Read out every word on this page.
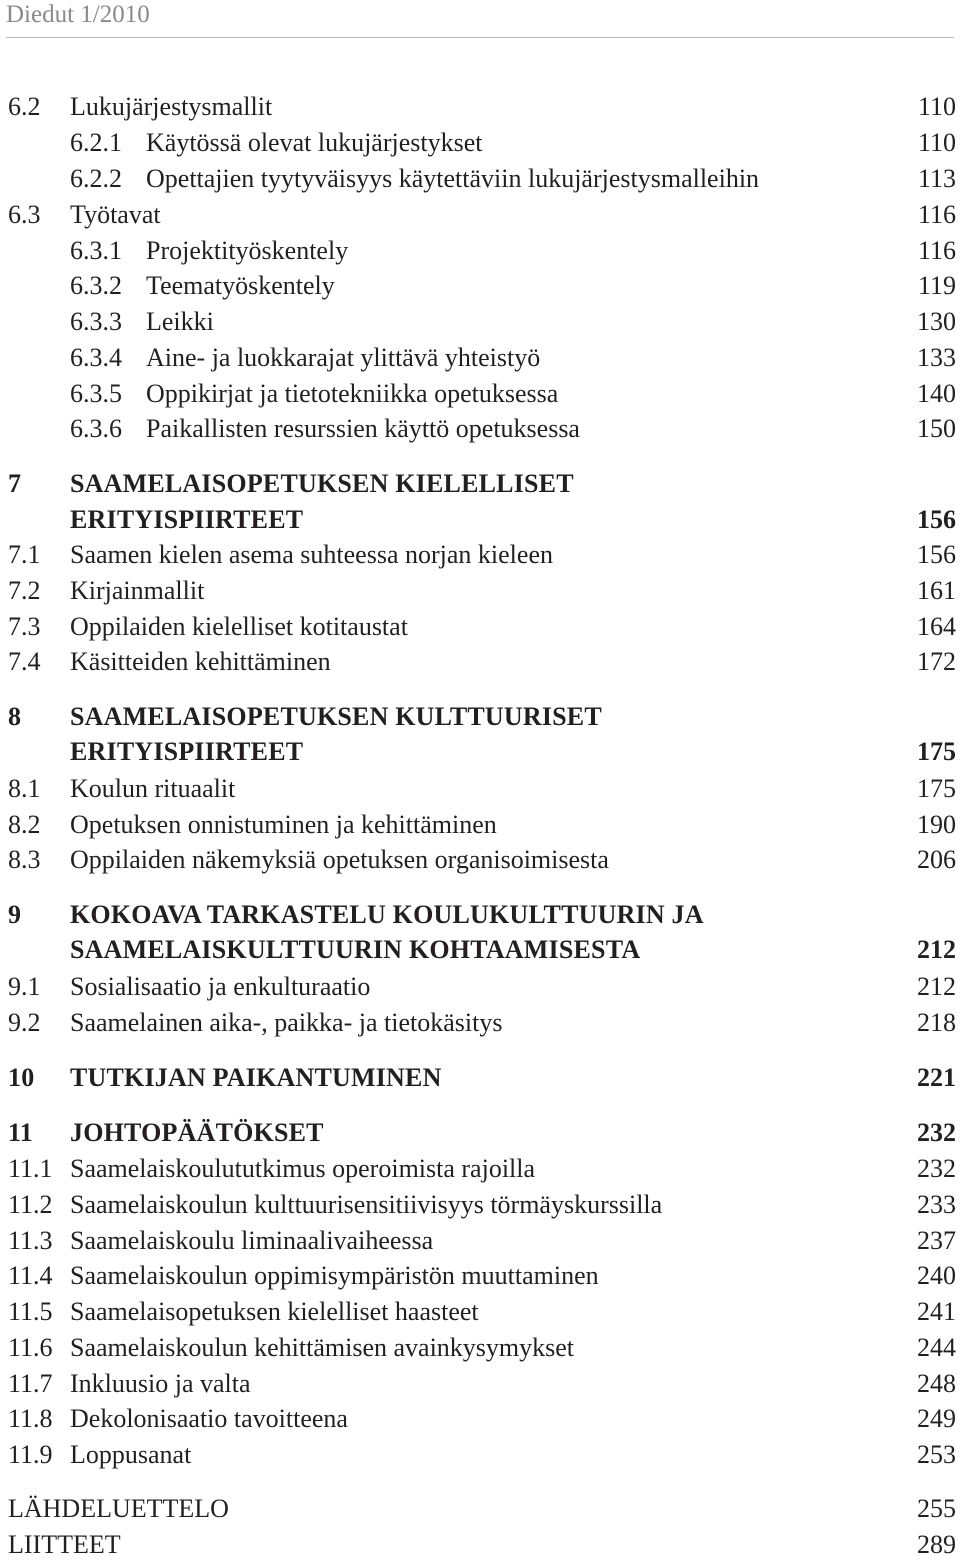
Diedut 1/2010
6.2 Lukujärjestysmallit	110
6.2.1 Käytössä olevat lukujärjestykset	110
6.2.2 Opettajien tyytyväisyys käytettäviin lukujärjestysmalleihin	113
6.3 Työtavat	116
6.3.1 Projektityöskentely	116
6.3.2 Teematyöskentely	119
6.3.3 Leikki	130
6.3.4 Aine- ja luokkarajat ylittävä yhteistyö	133
6.3.5 Oppikirjat ja tietotekniikka opetuksessa	140
6.3.6 Paikallisten resurssien käyttö opetuksessa	150
7 SAAMELAISOPETUKSEN KIELELLISET
ERITYISPIIRTEET	156
7.1 Saamen kielen asema suhteessa norjan kieleen	156
7.2 Kirjainmallit	161
7.3 Oppilaiden kielelliset kotitaustat	164
7.4 Käsitteiden kehittäminen	172
8 SAAMELAISOPETUKSEN KULTTUURISET
ERITYISPIIRTEET	175
8.1 Koulun rituaalit	175
8.2 Opetuksen onnistuminen ja kehittäminen	190
8.3 Oppilaiden näkemyksiä opetuksen organisoimisesta	206
9 KOKOAVA TARKASTELU KOULUKULTTUURIN JA
SAAMELAISKULTTUURIN KOHTAAMISESTA	212
9.1 Sosialisaatio ja enkulturaatio	212
9.2 Saamelainen aika-, paikka- ja tietokäsitys	218
10 TUTKIJAN PAIKANTUMINEN	221
11 JOHTOPÄÄTÖKSET	232
11.1 Saamelaiskoulututkimus operoimista rajoilla	232
11.2 Saamelaiskoulun kulttuurisensitiivisyys törmäyskurssilla	233
11.3 Saamelaiskoulu liminaalivaiheessa	237
11.4 Saamelaiskoulun oppimisympäristön muuttaminen	240
11.5 Saamelaisopetuksen kielelliset haasteet	241
11.6 Saamelaiskoulun kehittämisen avainkysymykset	244
11.7 Inkluusio ja valta	248
11.8 Dekolonisaatio tavoitteena	249
11.9 Loppusanat	253
LÄHDELUETTELO	255
LIITTEET	289
